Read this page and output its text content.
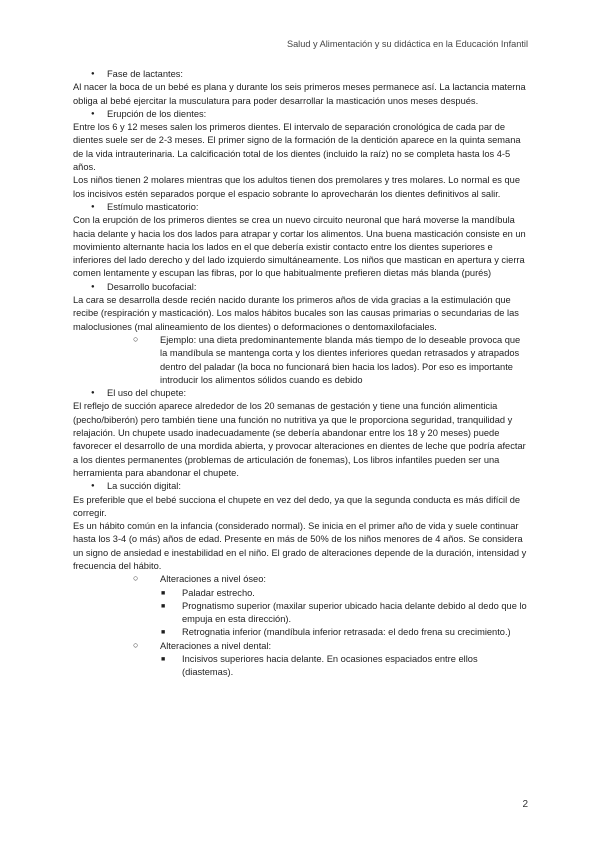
Salud y Alimentación y su didáctica en la Educación Infantil

● Fase de lactantes:

Al nacer la boca de un bebé es plana y durante los seis primeros meses permanece así. La lactancia materna obliga al bebé ejercitar la musculatura para poder desarrollar la masticación unos meses después.

● Erupción de los dientes:

Entre los 6 y 12 meses salen los primeros dientes. El intervalo de separación cronológica de cada par de dientes suele ser de 2-3 meses. El primer signo de la formación de la dentición aparece en la quinta semana de la vida intrauterinaria. La calcificación total de los dientes (incluido la raíz) no se completa hasta los 4-5 años.

Los niños tienen 2 molares mientras que los adultos tienen dos premolares y tres molares. Lo normal es que los incisivos estén separados porque el espacio sobrante lo aprovecharán los dientes definitivos al salir.

● Estímulo masticatorio:

Con la erupción de los primeros dientes se crea un nuevo circuito neuronal que hará moverse la mandíbula hacia delante y hacia los dos lados para atrapar y cortar los alimentos. Una buena masticación consiste en un movimiento alternante hacia los lados en el que debería existir contacto entre los dientes superiores e inferiores del lado derecho y del lado izquierdo simultáneamente. Los niños que mastican en apertura y cierra comen lentamente y escupan las fibras, por lo que habitualmente prefieren dietas más blanda (purés)

● Desarrollo bucofacial:

La cara se desarrolla desde recién nacido durante los primeros años de vida gracias a la estimulación que recibe (respiración y masticación). Los malos hábitos bucales son las causas primarias o secundarias de las maloclusiones (mal alineamiento de los dientes) o deformaciones o dentomaxilofaciales.

○ Ejemplo: una dieta predominantemente blanda más tiempo de lo deseable provoca que la mandíbula se mantenga corta y los dientes inferiores quedan retrasados y atrapados dentro del paladar (la boca no funcionará bien hacia los lados). Por eso es importante introducir los alimentos sólidos cuando es debido

● El uso del chupete:

El reflejo de succión aparece alrededor de los 20 semanas de gestación y tiene una función alimenticia (pecho/biberón) pero también tiene una función no nutritiva ya que le proporciona seguridad, tranquilidad y relajación. Un chupete usado inadecuadamente (se debería abandonar entre los 18 y 20 meses) puede favorecer el desarrollo de una mordida abierta, y provocar alteraciones en dientes de leche que podría afectar a los dientes permanentes (problemas de articulación de fonemas), Los libros infantiles pueden ser una herramienta para abandonar el chupete.

● La succión digital:

Es preferible que el bebé succiona el chupete en vez del dedo, ya que la segunda conducta es más difícil de corregir.

Es un hábito común en la infancia (considerado normal). Se inicia en el primer año de vida y suele continuar hasta los 3-4 (o más) años de edad. Presente en más de 50% de los niños menores de 4 años. Se considera un signo de ansiedad e inestabilidad en el niño. El grado de alteraciones depende de la duración, intensidad y frecuencia del hábito.

○ Alteraciones a nivel óseo:

■ Paladar estrecho.

■ Prognatismo superior (maxilar superior ubicado hacia delante debido al dedo que lo empuja en esta dirección).

■ Retrognatia inferior (mandíbula inferior retrasada: el dedo frena su crecimiento.)

○ Alteraciones a nivel dental:

■ Incisivos superiores hacia delante. En ocasiones espaciados entre ellos (diastemas).

2
